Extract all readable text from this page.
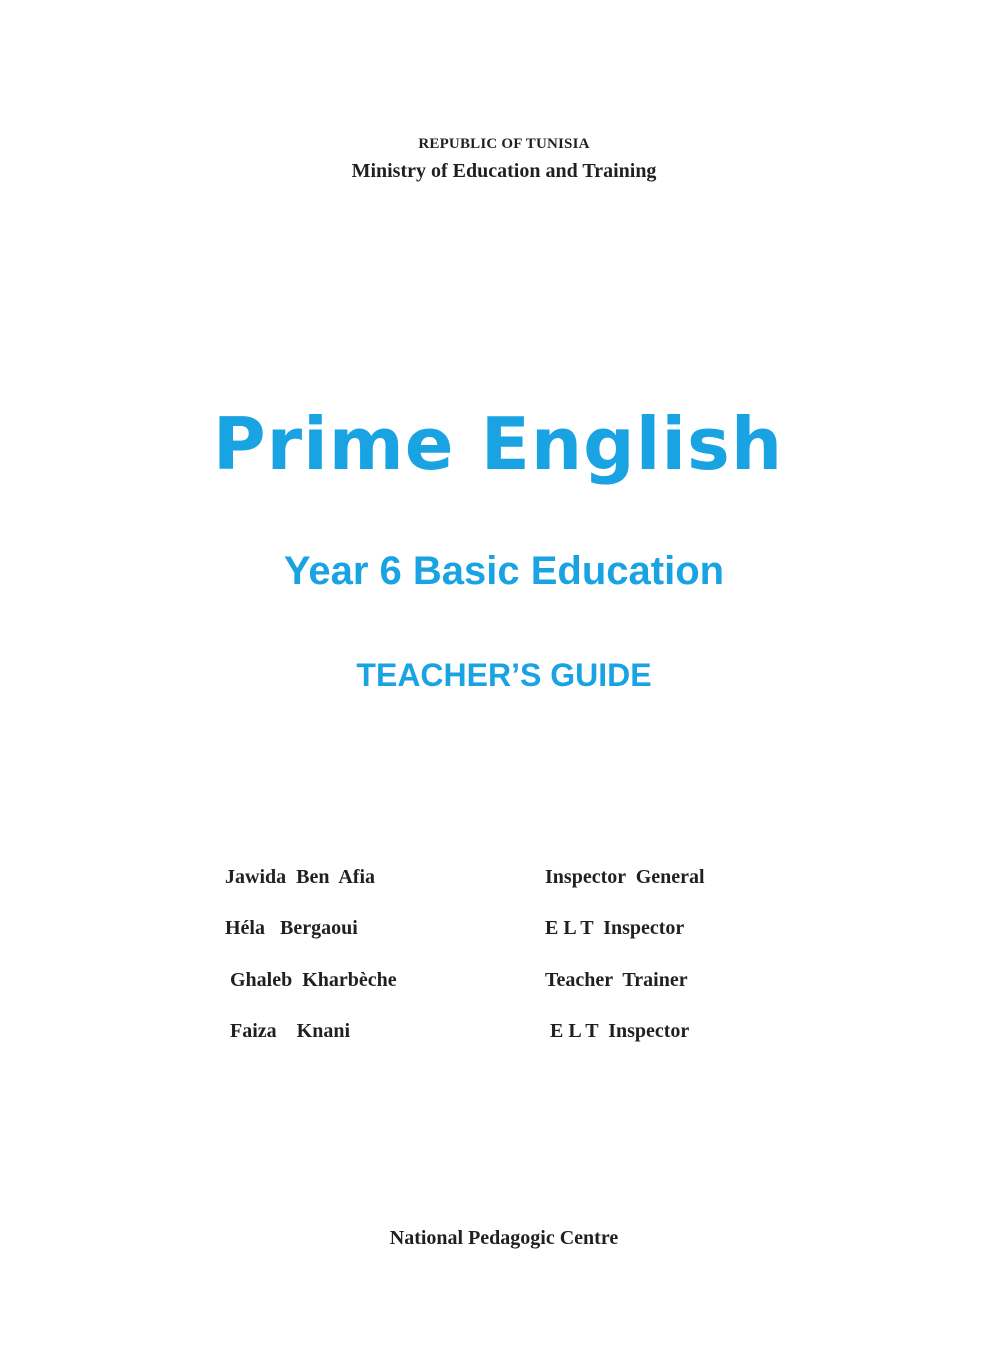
REPUBLIC OF TUNISIA
Ministry of Education and Training
Prime English
Year 6 Basic Education
TEACHER’S GUIDE
Jawida  Ben  Afia	Inspector  General
Héla   Bergaoui	E L T  Inspector
Ghaleb  Kharbèche	Teacher  Trainer
Faiza    Knani	E L T  Inspector
National Pedagogic Centre
